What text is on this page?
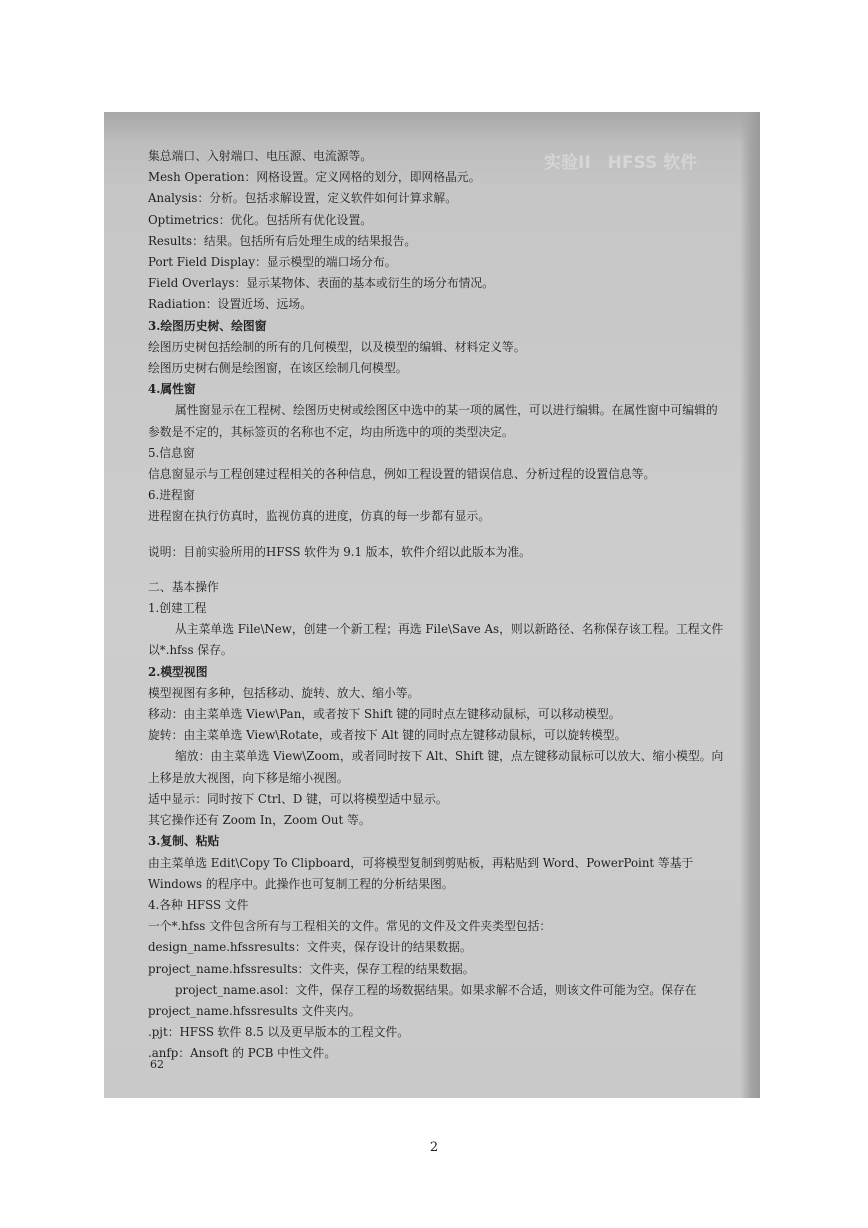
实验II　HFSS 软件

集总端口、入射端口、电压源、电流源等。

Mesh Operation：网格设置。定义网格的划分，即网格晶元。

Analysis：分析。包括求解设置，定义软件如何计算求解。

Optimetrics：优化。包括所有优化设置。

Results：结果。包括所有后处理生成的结果报告。

Port Field Display：显示模型的端口场分布。

Field Overlays：显示某物体、表面的基本或衍生的场分布情况。

Radiation：设置近场、远场。

3.绘图历史树、绘图窗

绘图历史树包括绘制的所有的几何模型，以及模型的编辑、材料定义等。

绘图历史树右侧是绘图窗，在该区绘制几何模型。

4.属性窗

属性窗显示在工程树、绘图历史树或绘图区中选中的某一项的属性，可以进行编辑。在属性窗中可编辑的参数是不定的，其标签页的名称也不定，均由所选中的项的类型决定。

5.信息窗

信息窗显示与工程创建过程相关的各种信息，例如工程设置的错误信息、分析过程的设置信息等。

6.进程窗

进程窗在执行仿真时，监视仿真的进度，仿真的每一步都有显示。

说明：目前实验所用的HFSS 软件为 9.1 版本，软件介绍以此版本为准。

二、基本操作

1.创建工程

从主菜单选 File\New，创建一个新工程；再选 File\Save As，则以新路径、名称保存该工程。工程文件以*.hfss 保存。

2.模型视图

模型视图有多种，包括移动、旋转、放大、缩小等。

移动：由主菜单选 View\Pan，或者按下 Shift 键的同时点左键移动鼠标，可以移动模型。

旋转：由主菜单选 View\Rotate，或者按下 Alt 键的同时点左键移动鼠标，可以旋转模型。

缩放：由主菜单选 View\Zoom，或者同时按下 Alt、Shift 键，点左键移动鼠标可以放大、缩小模型。向上移是放大视图，向下移是缩小视图。

适中显示：同时按下 Ctrl、D 键，可以将模型适中显示。

其它操作还有 Zoom In，Zoom Out 等。

3.复制、粘贴

由主菜单选 Edit\Copy To Clipboard，可将模型复制到剪贴板，再粘贴到 Word、PowerPoint 等基于 Windows 的程序中。此操作也可复制工程的分析结果图。

4.各种 HFSS 文件

一个*.hfss 文件包含所有与工程相关的文件。常见的文件及文件夹类型包括：

design_name.hfssresults：文件夹，保存设计的结果数据。

project_name.hfssresults：文件夹，保存工程的结果数据。

project_name.asol：文件，保存工程的场数据结果。如果求解不合适，则该文件可能为空。保存在 project_name.hfssresults 文件夹内。

.pjt：HFSS 软件 8.5 以及更早版本的工程文件。

.anfp：Ansoft 的 PCB 中性文件。

62
2
